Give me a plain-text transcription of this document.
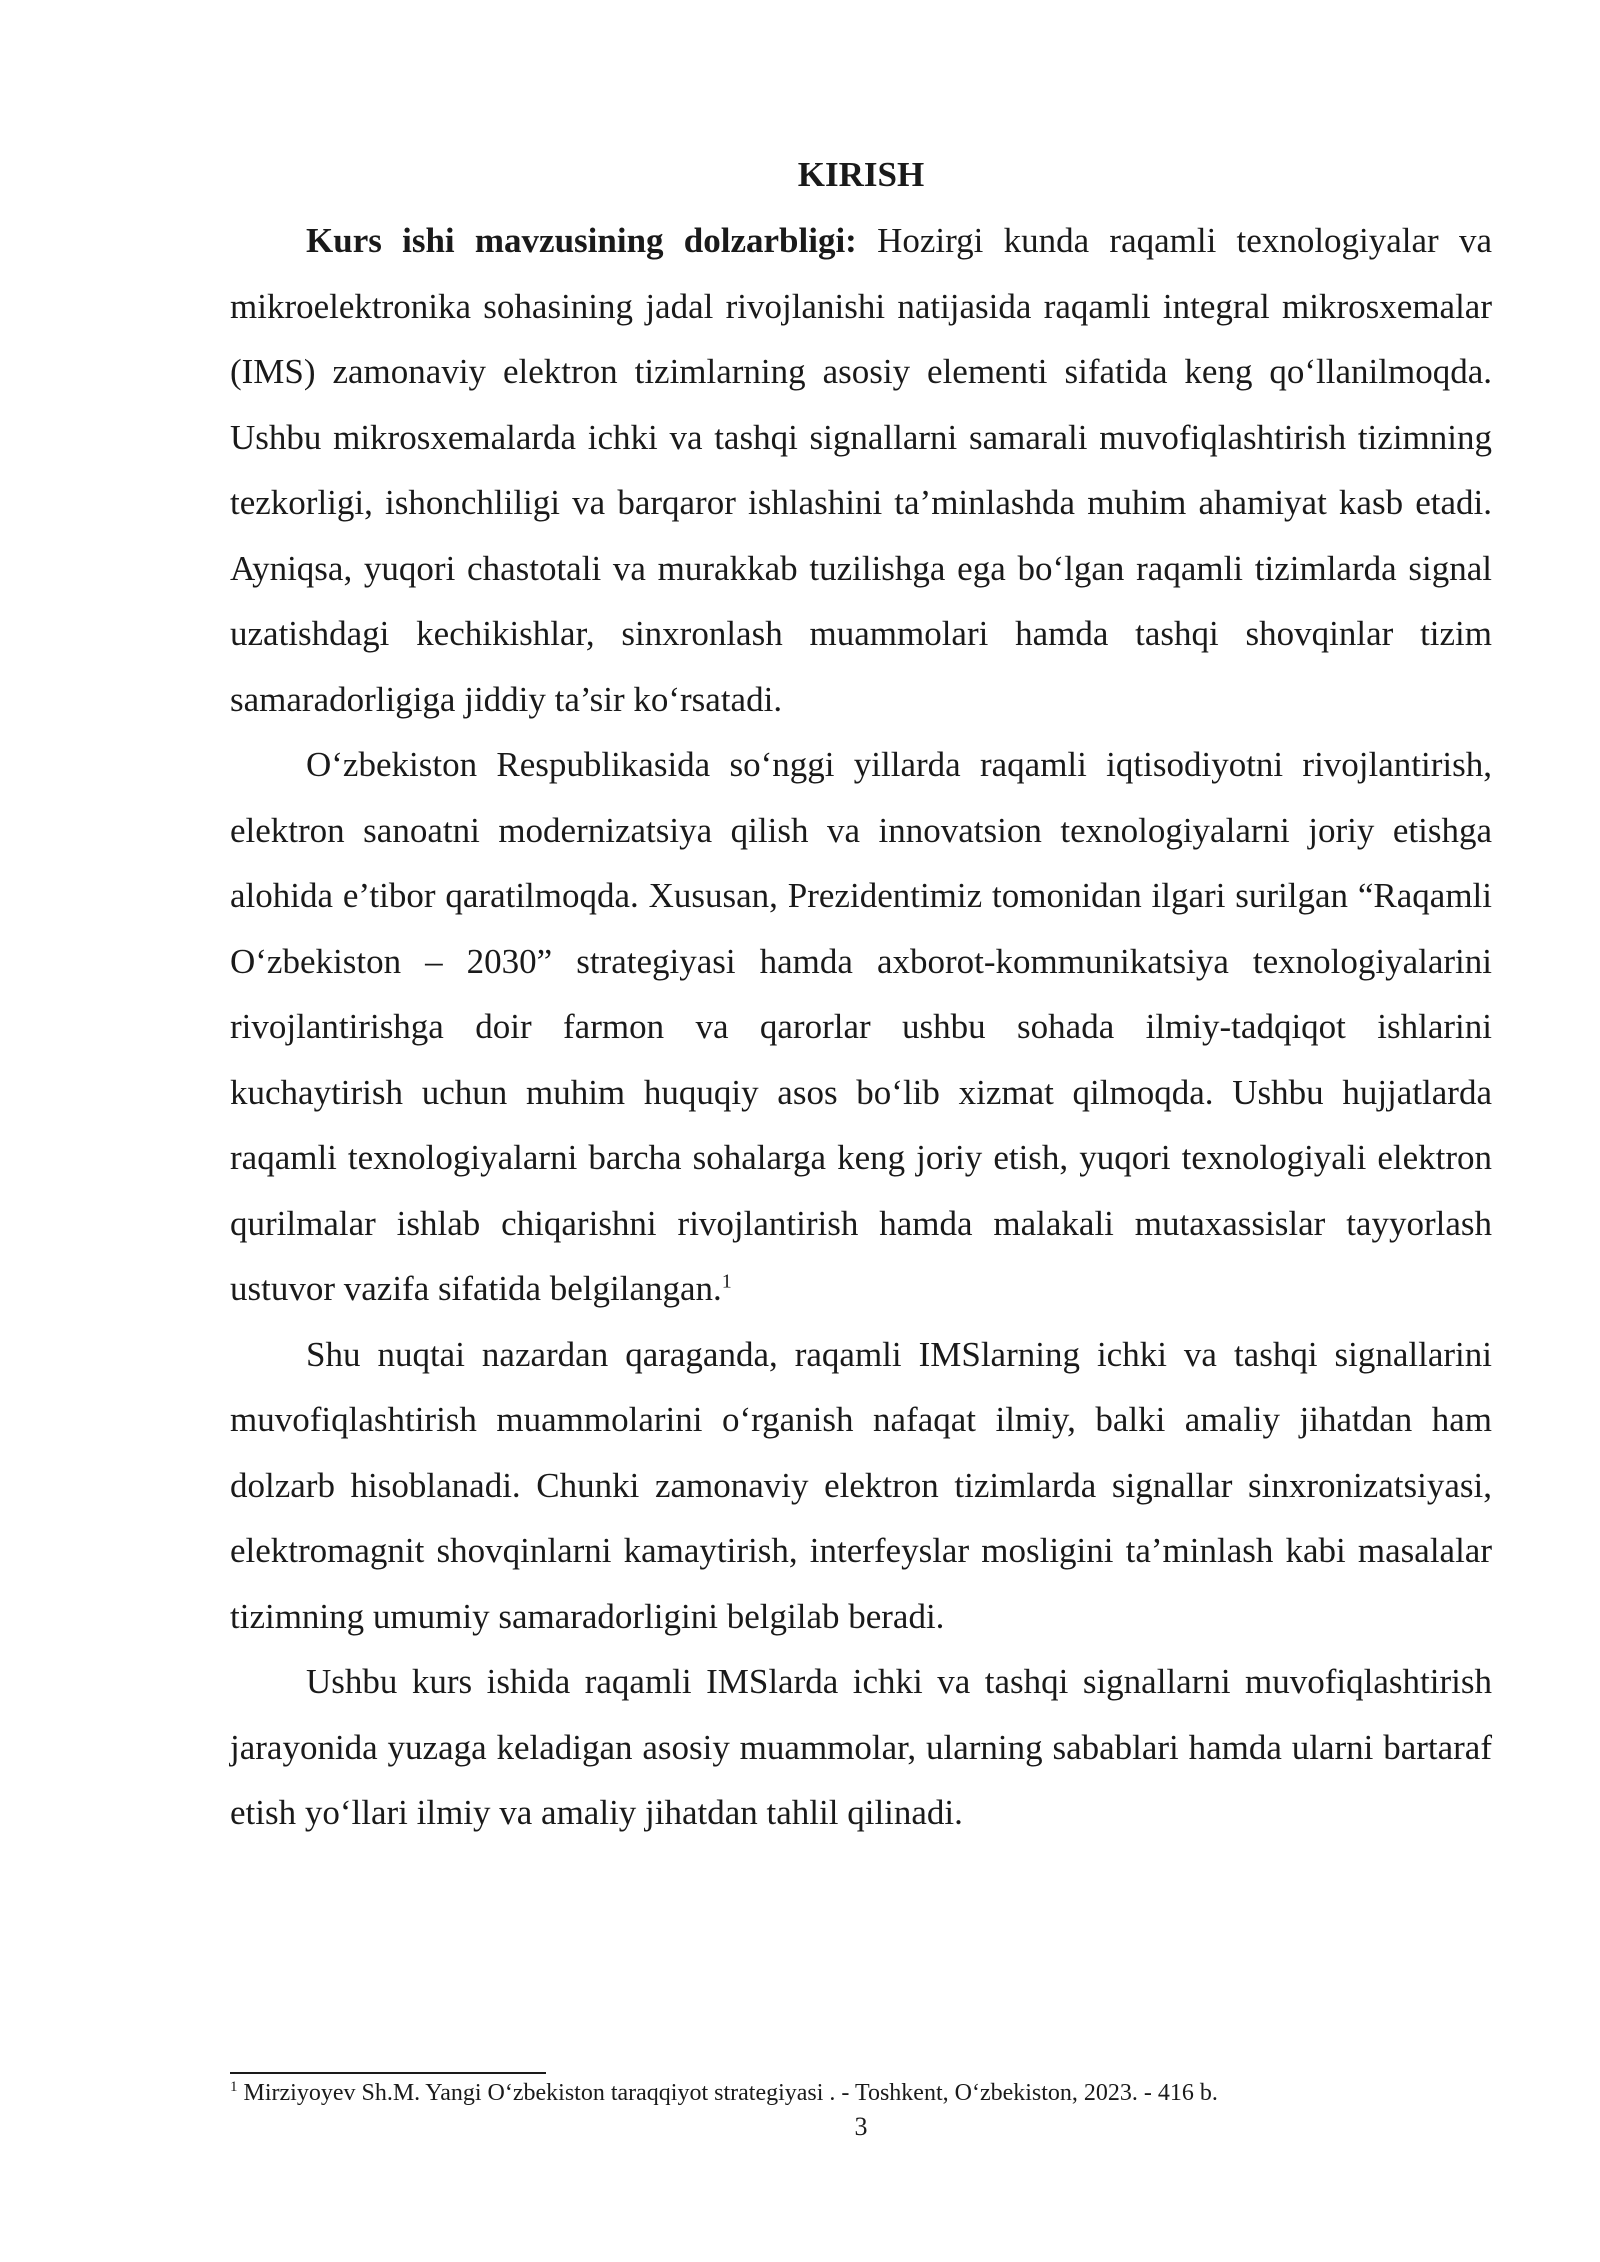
KIRISH

Kurs ishi mavzusining dolzarbligi: Hozirgi kunda raqamli texnologiyalar va mikroelektronika sohasining jadal rivojlanishi natijasida raqamli integral mikrosxemalar (IMS) zamonaviy elektron tizimlarning asosiy elementi sifatida keng qo‘llanilmoqda. Ushbu mikrosxemalarda ichki va tashqi signallarni samarali muvofiqlashtirish tizimning tezkorligi, ishonchliligi va barqaror ishlashini ta’minlashda muhim ahamiyat kasb etadi. Ayniqsa, yuqori chastotali va murakkab tuzilishga ega bo‘lgan raqamli tizimlarda signal uzatishdagi kechikishlar, sinxronlash muammolari hamda tashqi shovqinlar tizim samaradorligiga jiddiy ta’sir ko‘rsatadi.

O‘zbekiston Respublikasida so‘nggi yillarda raqamli iqtisodiyotni rivojlantirish, elektron sanoatni modernizatsiya qilish va innovatsion texnologiyalarni joriy etishga alohida e’tibor qaratilmoqda. Xususan, Prezidentimiz tomonidan ilgari surilgan “Raqamli O‘zbekiston – 2030” strategiyasi hamda axborot-kommunikatsiya texnologiyalarini rivojlantirishga doir farmon va qarorlar ushbu sohada ilmiy-tadqiqot ishlarini kuchaytirish uchun muhim huquqiy asos bo‘lib xizmat qilmoqda. Ushbu hujjatlarda raqamli texnologiyalarni barcha sohalarga keng joriy etish, yuqori texnologiyali elektron qurilmalar ishlab chiqarishni rivojlantirish hamda malakali mutaxassislar tayyorlash ustuvor vazifa sifatida belgilangan.$^1$

Shu nuqtai nazardan qaraganda, raqamli IMSlarning ichki va tashqi signallarini muvofiqlashtirish muammolarini o‘rganish nafaqat ilmiy, balki amaliy jihatdan ham dolzarb hisoblanadi. Chunki zamonaviy elektron tizimlarda signallar sinxronizatsiyasi, elektromagnit shovqinlarni kamaytirish, interfeyslar mosligini ta’minlash kabi masalalar tizimning umumiy samaradorligini belgilab beradi.

Ushbu kurs ishida raqamli IMSlarda ichki va tashqi signallarni muvofiqlashtirish jarayonida yuzaga keladigan asosiy muammolar, ularning sabablari hamda ularni bartaraf etish yo‘llari ilmiy va amaliy jihatdan tahlil qilinadi.

$^1$ Mirziyoyev Sh.M. Yangi O‘zbekiston taraqqiyot strategiyasi . - Toshkent, O‘zbekiston, 2023. - 416 b.
3
